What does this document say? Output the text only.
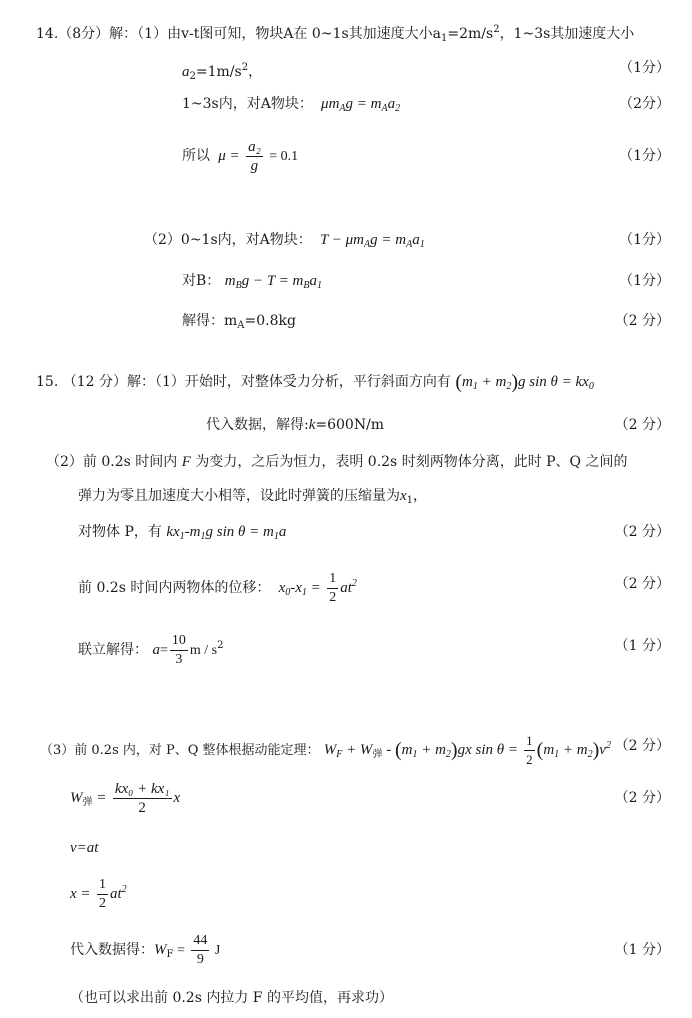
14.（8分）解：（1）由v-t图可知，物块A在 0~1s其加速度大小$a_1=2m/s^2$，1~3s其加速度大小
$a_2=1m/s^2$，	（1分）
1~3s内，对A物块：  $\mu m_Ag = m_Aa_2$	（2分）
所以  $\mu = \frac{\text{a₂}}{g} = 0.1$	（1分）
（2）0~1s内，对A物块：  $T - \mu m_Ag = m_Aa_1$	（1分）
对B： $m_Bg - T = m_Ba_1$	（1分）
解得：$m_A=0.8kg$	（2 分）
15. （12 分）解：（1）开始时，对整体受力分析，平行斜面方向有 $(m_1 + m_2)g$ $\sin \theta = kx_0$
代入数据，解得:k=600N/m	（2 分）
（2）前 0.2s 时间内 F 为变力，之后为恒力，表明 0.2s 时刻两物体分离，此时 P、Q 之间的
弹力为零且加速度大小相等，设此时弹簧的压缩量为$x_1$，
对物体 P，有 $kx_1-m_1g$ $\sin \theta = m_1a$	（2 分）
前 0.2s 时间内两物体的位移：  $x_0-x_1 = \frac{1}{2} at^2$	（2 分）
联立解得： $a= \frac{10}{3}$ m / $s^2$	（1 分）
（3）前 0.2s 内，对 P、Q 整体根据动能定理： $W_F + W_弹 - (m_1 + m_2)gx$ $\sin \theta = \frac{1}{2} (m_1 + m_2)v^2$ （2 分）
$W_弹 = \frac{\text{kx₀ + kx₁}}{2}$ x	（2 分）
v=at
$x = \frac{1}{2} at^2$
代入数据得：$W_F = \frac{44}{9}$ J	（1 分）
（也可以求出前 0.2s 内拉力 F 的平均值，再求功）
